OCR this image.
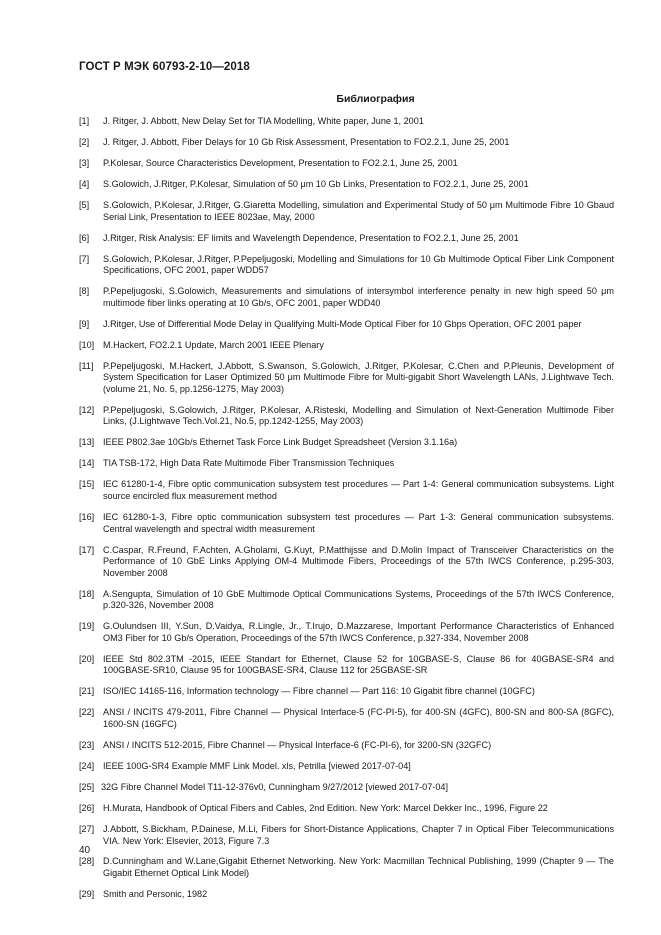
ГОСТ Р МЭК 60793-2-10—2018
Библиография
[1]	J. Ritger, J. Abbott, New Delay Set for TIA Modelling, White paper, June 1, 2001
[2]	J. Ritger, J. Abbott, Fiber Delays for 10 Gb Risk Assessment, Presentation to FO2.2.1, June 25, 2001
[3]	P.Kolesar, Source Characteristics Development, Presentation to FO2.2.1, June 25, 2001
[4]	S.Golowich, J.Ritger, P.Kolesar, Simulation of 50 μm 10 Gb Links, Presentation to FO2.2.1, June 25, 2001
[5]	S.Golowich, P.Kolesar, J.Ritger, G.Giaretta Modelling, simulation and Experimental Study of 50 μm Multimode Fibre 10 Gbaud Serial Link, Presentation to IEEE 8023ae, May, 2000
[6]	J.Ritger, Risk Analysis: EF limits and Wavelength Dependence, Presentation to FO2.2.1, June 25, 2001
[7]	S.Golowich, P.Kolesar, J.Ritger, P.Pepeljugoski, Modelling and Simulations for 10 Gb Multimode Optical Fiber Link Component Specifications, OFC 2001, paper WDD57
[8]	P.Pepeljugoski, S.Golowich, Measurements and simulations of intersymbol interference penalty in new high speed 50 μm multimode fiber links operating at 10 Gb/s, OFC 2001, paper WDD40
[9]	J.Ritger, Use of Differential Mode Delay in Qualifying Multi-Mode Optical Fiber for 10 Gbps Operation, OFC 2001 paper
[10] M.Hackert, FO2.2.1 Update, March 2001 IEEE Plenary
[11]	P.Pepeljugoski, M.Hackert, J.Abbott, S.Swanson, S.Golowich, J.Ritger, P.Kolesar, C.Chen and P.Pleunis, Development of System Specification for Laser Optimized 50 μm Multimode Fibre for Multi-gigabit Short Wavelength LANs, J.Lightwave Tech. (volume 21, No. 5, pp.1256-1275, May 2003)
[12] P.Pepeljugoski, S.Golowich, J.Ritger, P.Kolesar, A.Risteski, Modelling and Simulation of Next-Generation Multimode Fiber Links, (J.Lightwave Tech.Vol.21, No.5, pp.1242-1255, May 2003)
[13] IEEE P802.3ae 10Gb/s Ethernet Task Force Link Budget Spreadsheet (Version 3.1.16a)
[14] TIA TSB-172, High Data Rate Multimode Fiber Transmission Techniques
[15] IEC 61280-1-4, Fibre optic communication subsystem test procedures — Part 1-4: General communication subsystems. Light source encircled flux measurement method
[16] IEC 61280-1-3, Fibre optic communication subsystem test procedures — Part 1-3: General communication subsystems. Central wavelength and spectral width measurement
[17] C.Caspar, R.Freund, F.Achten, A.Gholami, G.Kuyt, P.Matthijsse and D.Molin Impact of Transceiver Characteristics on the Performance of 10 GbE Links Applying OM-4 Multimode Fibers, Proceedings of the 57th IWCS Conference, p.295-303, November 2008
[18] A.Sengupta, Simulation of 10 GbE Multimode Optical Communications Systems, Proceedings of the 57th IWCS Conference, p.320-326, November 2008
[19] G.Oulundsen III, Y.Sun, D.Vaidya, R.Lingle, Jr., T.Irujo, D.Mazzarese, Important Performance Characteristics of Enhanced OM3 Fiber for 10 Gb/s Operation, Proceedings of the 57th IWCS Conference, p.327-334, November 2008
[20] IEEE Std 802.3TM -2015, IEEE Standart for Ethernet, Clause 52 for 10GBASE-S, Clause 86 for 40GBASE-SR4 and 100GBASE-SR10, Clause 95 for 100GBASE-SR4, Clause 112 for 25GBASE-SR
[21] ISO/IEC 14165-116, Information technology — Fibre channel — Part 116: 10 Gigabit fibre channel (10GFC)
[22] ANSI / INCITS 479-2011, Fibre Channel — Physical Interface-5 (FC-PI-5), for 400-SN (4GFC), 800-SN and 800-SA (8GFC), 1600-SN (16GFC)
[23] ANSI / INCITS 512-2015, Fibre Channel — Physical Interface-6 (FC-PI-6), for 3200-SN (32GFC)
[24] IEEE 100G-SR4 Example MMF Link Model. xls, Petrilla [viewed 2017-07-04]
[25] 32G Fibre Channel Model T11-12-376v0, Cunningham 9/27/2012 [viewed 2017-07-04]
[26] H.Murata, Handbook of Optical Fibers and Cables, 2nd Edition. New York: Marcel Dekker Inc., 1996, Figure 22
[27] J.Abbott, S.Bickham, P.Dainese, M.Li, Fibers for Short-Distance Applications, Chapter 7 in Optical Fiber Telecommunications VIA. New York: Elsevier, 2013, Figure 7.3
[28] D.Cunningham and W.Lane,Gigabit Ethernet Networking. New York: Macmillan Technical Publishing, 1999 (Chapter 9 — The Gigabit Ethernet Optical Link Model)
[29] Smith and Personic, 1982
40
